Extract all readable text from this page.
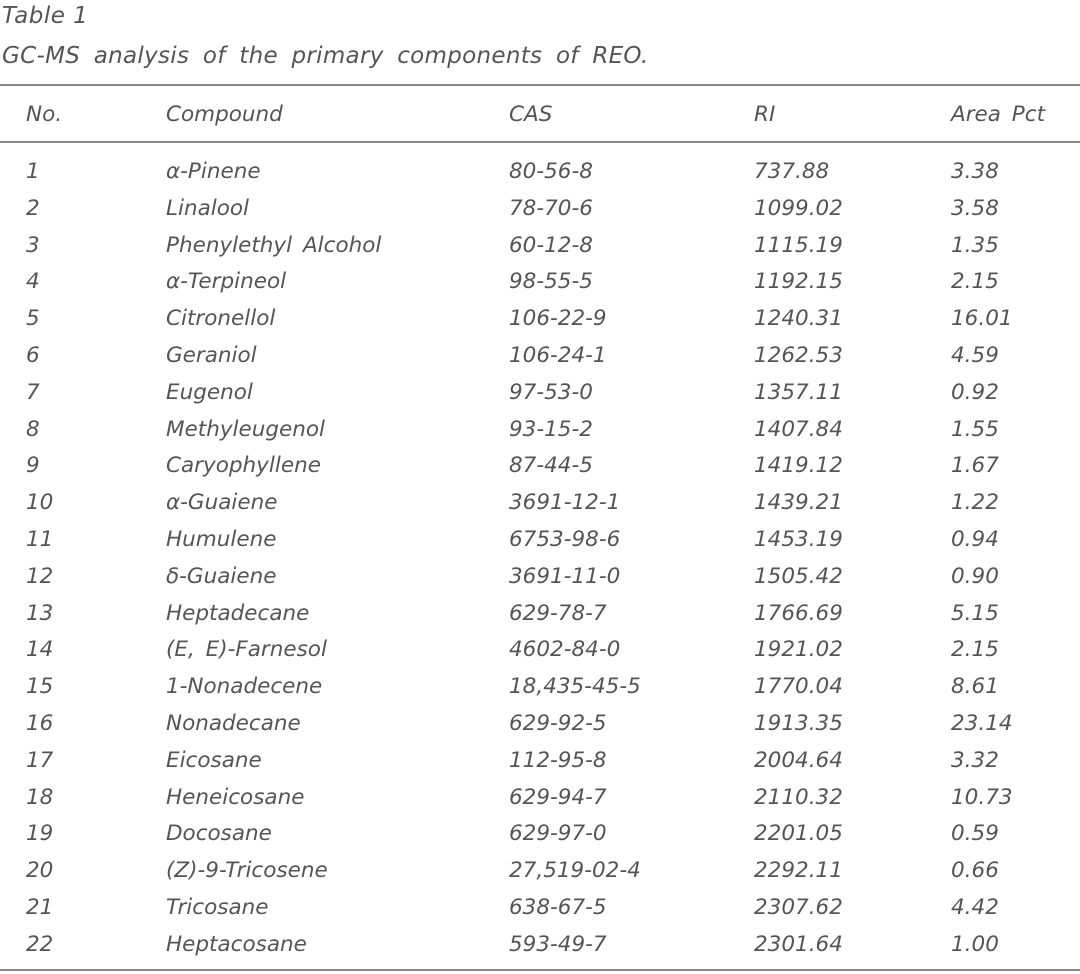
Table 1
GC-MS analysis of the primary components of REO.
No.	Compound	CAS	RI	Area Pct
1	α-Pinene	80-56-8	737.88	3.38
2	Linalool	78-70-6	1099.02	3.58
3	Phenylethyl Alcohol	60-12-8	1115.19	1.35
4	α-Terpineol	98-55-5	1192.15	2.15
5	Citronellol	106-22-9	1240.31	16.01
6	Geraniol	106-24-1	1262.53	4.59
7	Eugenol	97-53-0	1357.11	0.92
8	Methyleugenol	93-15-2	1407.84	1.55
9	Caryophyllene	87-44-5	1419.12	1.67
10	α-Guaiene	3691-12-1	1439.21	1.22
11	Humulene	6753-98-6	1453.19	0.94
12	δ-Guaiene	3691-11-0	1505.42	0.90
13	Heptadecane	629-78-7	1766.69	5.15
14	(E, E)-Farnesol	4602-84-0	1921.02	2.15
15	1-Nonadecene	18,435-45-5	1770.04	8.61
16	Nonadecane	629-92-5	1913.35	23.14
17	Eicosane	112-95-8	2004.64	3.32
18	Heneicosane	629-94-7	2110.32	10.73
19	Docosane	629-97-0	2201.05	0.59
20	(Z)-9-Tricosene	27,519-02-4	2292.11	0.66
21	Tricosane	638-67-5	2307.62	4.42
22	Heptacosane	593-49-7	2301.64	1.00
